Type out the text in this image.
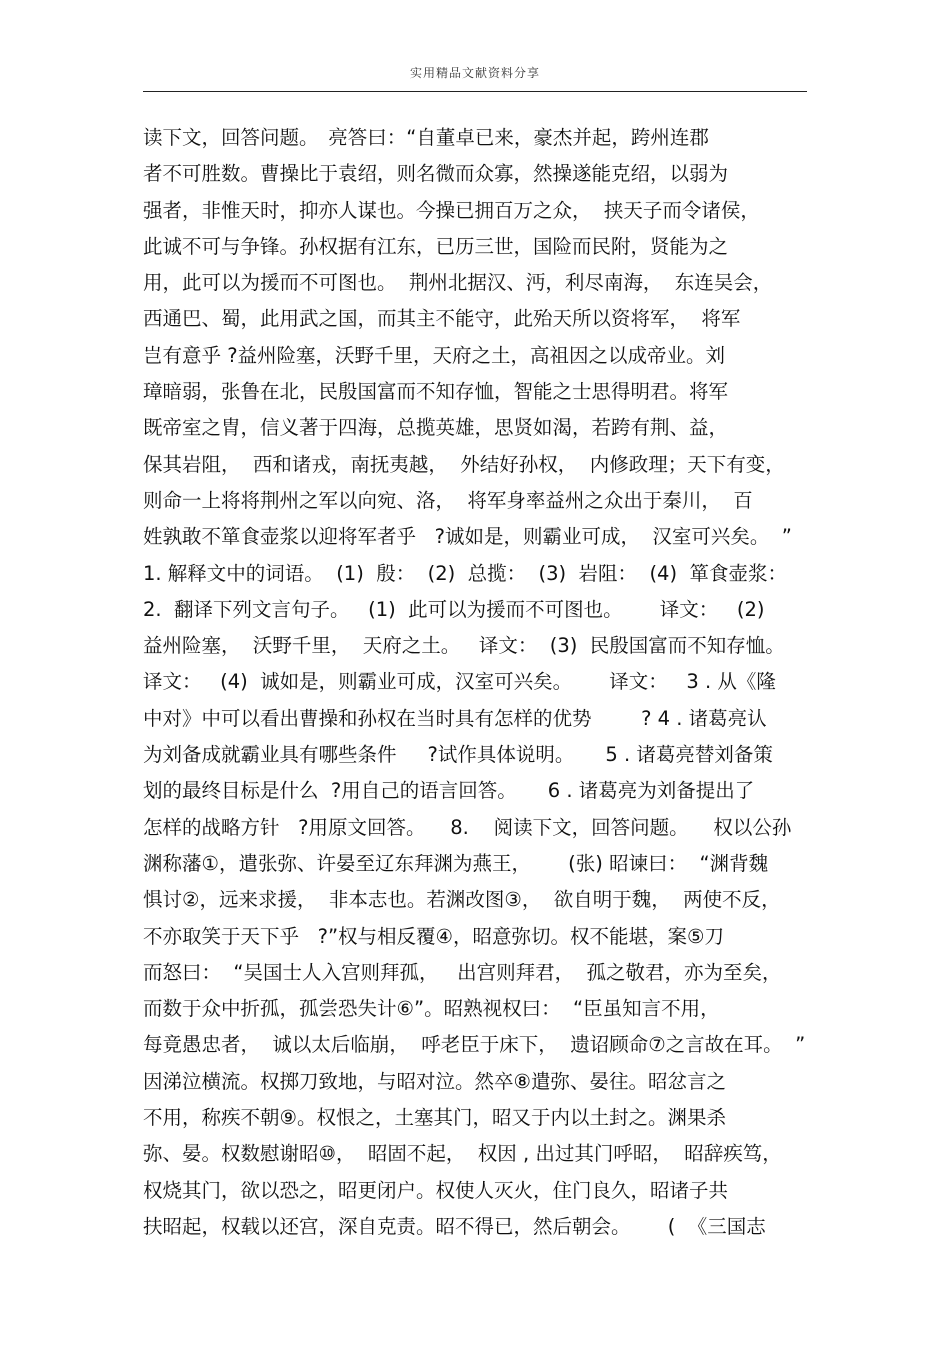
实用精品文献资料分享
读下文，回答问题。　亮答曰：“自董卓已来，豪杰并起，跨州连郡
者不可胜数。曹操比于袁绍，则名微而众寡，然操遂能克绍，以弱为
强者，非惟天时，抑亦人谋也。今操已拥百万之众，  挟天子而令诸侯，
此诚不可与争锋。孙权据有江东，已历三世，国险而民附，贤能为之
用，此可以为援而不可图也。  荆州北据汉、沔，利尽南海，  东连吴会，
西通巴、蜀，此用武之国，而其主不能守，此殆天所以资将军，  将军
岂有意乎 ?益州险塞，沃野千里，天府之土，高祖因之以成帝业。刘
璋暗弱，张鲁在北，民殷国富而不知存恤，智能之士思得明君。将军
既帝室之胄，信义著于四海，总揽英雄，思贤如渴，若跨有荆、益，
保其岩阻，  西和诸戎，南抚夷越，  外结好孙权，  内修政理；天下有变，
则命一上将将荆州之军以向宛、洛，  将军身率益州之众出于秦川，  百
姓孰敢不箪食壶浆以迎将军者乎   ?诚如是，则霸业可成，  汉室可兴矣。  ”
1. 解释文中的词语。  (1)  殷：  (2)  总揽：  (3)  岩阻：  (4)  箪食壶浆：
2.  翻译下列文言句子。   (1)  此可以为援而不可图也。      译文：   (2)
益州险塞，  沃野千里，  天府之土。   译文：  (3)  民殷国富而不知存恤。
译文：   (4)  诚如是，则霸业可成，汉室可兴矣。      译文：   3 . 从《隆
中对》中可以看出曹操和孙权在当时具有怎样的优势        ? 4 . 诸葛亮认
为刘备成就霸业具有哪些条件     ?试作具体说明。     5 . 诸葛亮替刘备策
划的最终目标是什么  ?用自己的语言回答。     6 . 诸葛亮为刘备提出了
怎样的战略方针   ?用原文回答。    8.    阅读下文，回答问题。    权以公孙
渊称藩①，遣张弥、许晏至辽东拜渊为燕王，      (张) 昭谏曰：  “渊背魏
惧讨②，远来求援，  非本志也。若渊改图③，  欲自明于魏，  两使不反，
不亦取笑于天下乎   ?”权与相反覆④，昭意弥切。权不能堪，案⑤刀
而怒曰：  “吴国士人入宫则拜孤，   出宫则拜君，  孤之敬君，亦为至矣，
而数于众中折孤，孤尝恐失计⑥”。昭熟视权曰：  “臣虽知言不用，
每竟愚忠者，  诚以太后临崩，  呼老臣于床下，  遗诏顾命⑦之言故在耳。  ”
因涕泣横流。权掷刀致地，与昭对泣。然卒⑧遣弥、晏往。昭忿言之
不用，称疾不朝⑨。权恨之，土塞其门，昭又于内以土封之。渊果杀
弥、晏。权数慰谢昭⑩，  昭固不起，  权因 , 出过其门呼昭，  昭辞疾笃，
权烧其门，欲以恐之，昭更闭户。权使人灭火，住门良久，昭诸子共
扶昭起，权载以还宫，深自克责。昭不得已，然后朝会。      (  《三国志
